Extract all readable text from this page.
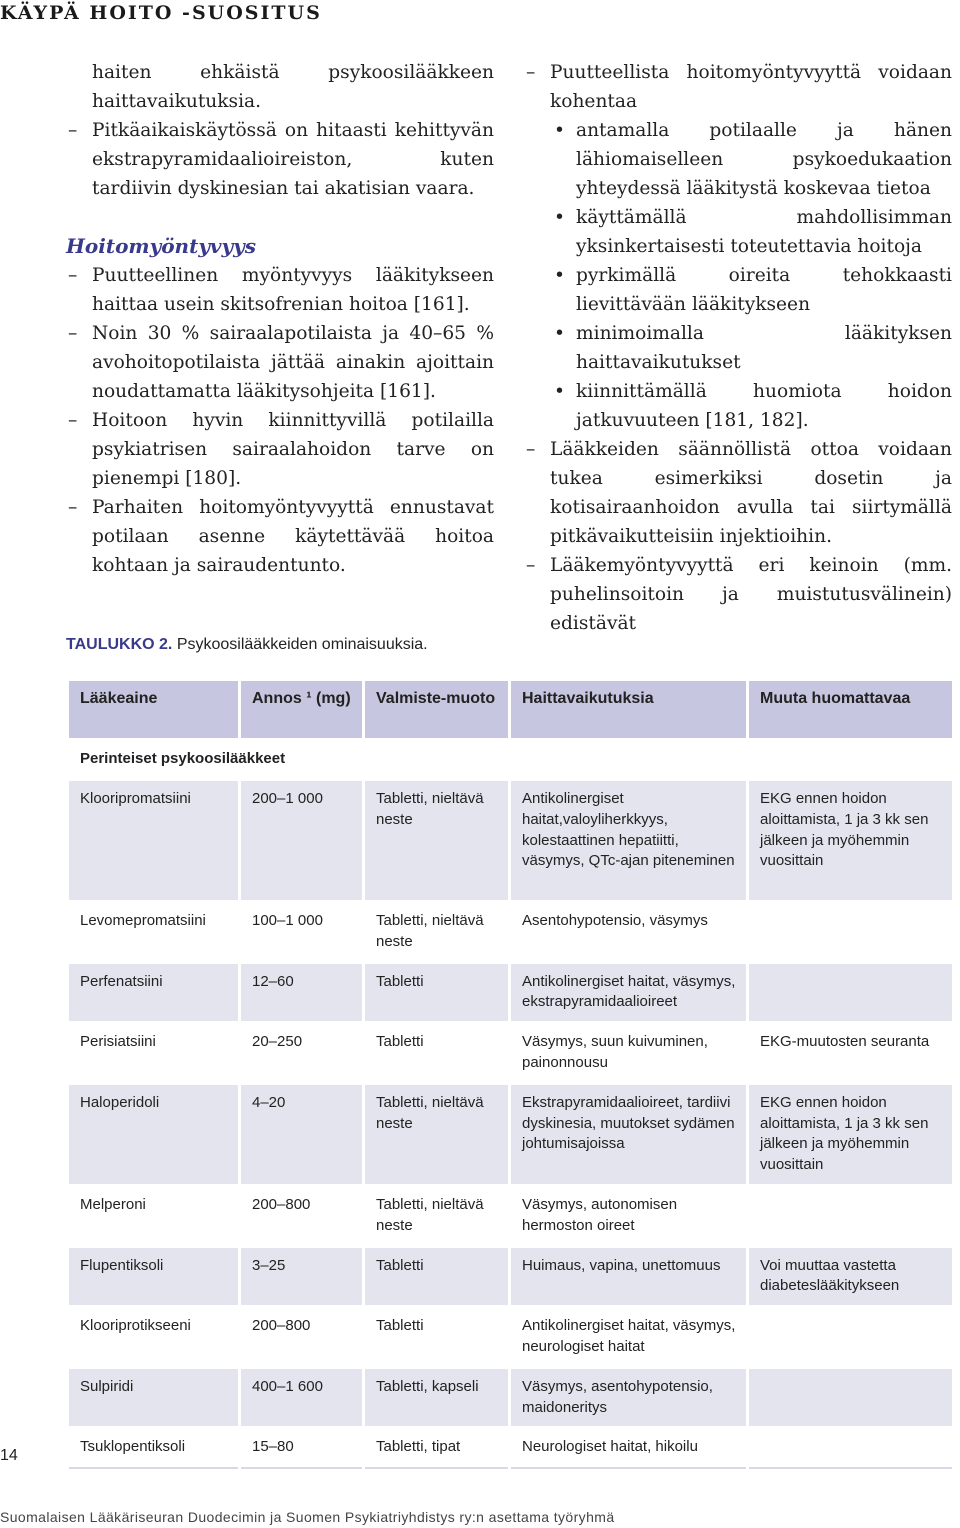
KÄYPÄ HOITO -SUOSITUS

haiten ehkäistä psykoosilääkkeen haittavaikutuksia.

– Pitkäaikaiskäytössä on hitaasti kehittyvän ekstrapyramidaalioireiston, kuten tardiivin dyskinesian tai akatisian vaara.
Hoitomyöntyvyys
– Puutteellinen myöntyvyys lääkitykseen haittaa usein skitsofrenian hoitoa [161].
– Noin 30 % sairaalapotilaista ja 40–65 % avohoitopotilaista jättää ainakin ajoittain noudattamatta lääkitysohjeita [161].
– Hoitoon hyvin kiinnittyvillä potilailla psykiatrisen sairaalahoidon tarve on pienempi [180].
– Parhaiten hoitomyöntyvyyttä ennustavat potilaan asenne käytettävää hoitoa kohtaan ja sairaudentunto.
– Puutteellista hoitomyöntyvyyttä voidaan kohentaa
• antamalla potilaalle ja hänen lähiomaiselleen psykoedukaation yhteydessä lääkitystä koskevaa tietoa
• käyttämällä mahdollisimman yksinkertaisesti toteutettavia hoitoja
• pyrkimällä oireita tehokkaasti lievittävään lääkitykseen
• minimoimalla lääkityksen haittavaikutukset
• kiinnittämällä huomiota hoidon jatkuvuuteen [181, 182].
– Lääkkeiden säännöllistä ottoa voidaan tukea esimerkiksi dosetin ja kotisairaanhoidon avulla tai siirtymällä pitkävaikutteisiin injektioihin.
– Lääkemyöntyvyyttä eri keinoin (mm. puhelinsoitoin ja muistutusvälinein) edistävät
TAULUKKO 2. Psykoosilääkkeiden ominaisuuksia.
Lääkeaine	Annos ¹ (mg)	Valmiste-muoto	Haittavaikutuksia	Muuta huomattavaa
Perinteiset psykoosilääkkeet				
Klooripromatsiini	200–1 000	Tabletti, nieltävä neste	Antikolinergiset haitat,valoyliherkkyys, kolestaattinen hepatiitti, väsymys, QTc-ajan piteneminen	EKG ennen hoidon aloittamista, 1 ja 3 kk sen jälkeen ja myöhemmin vuosittain
Levomepromatsiini	100–1 000	Tabletti, nieltävä neste	Asentohypotensio, väsymys	
Perfenatsiini	12–60	Tabletti	Antikolinergiset haitat, väsymys, ekstrapyramidaalioireet	
Perisiatsiini	20–250	Tabletti	Väsymys, suun kuivuminen, painonnousu	EKG-muutosten seuranta
Haloperidoli	4–20	Tabletti, nieltävä neste	Ekstrapyramidaalioireet, tardiivi dyskinesia, muutokset sydämen johtumisajoissa	EKG ennen hoidon aloittamista, 1 ja 3 kk sen jälkeen ja myöhemmin vuosittain
Melperoni	200–800	Tabletti, nieltävä neste	Väsymys, autonomisen hermoston oireet	
Flupentiksoli	3–25	Tabletti	Huimaus, vapina, unettomuus	Voi muuttaa vastetta diabeteslääkitykseen
Klooriprotikseeni	200–800	Tabletti	Antikolinergiset haitat, väsymys, neurologiset haitat	
Sulpiridi	400–1 600	Tabletti, kapseli	Väsymys, asentohypotensio, maidoneritys	
Tsuklopentiksoli	15–80	Tabletti, tipat	Neurologiset haitat, hikoilu	
14
Suomalaisen Lääkäriseuran Duodecimin ja Suomen Psykiatriyhdistys ry:n asettama työryhmä
